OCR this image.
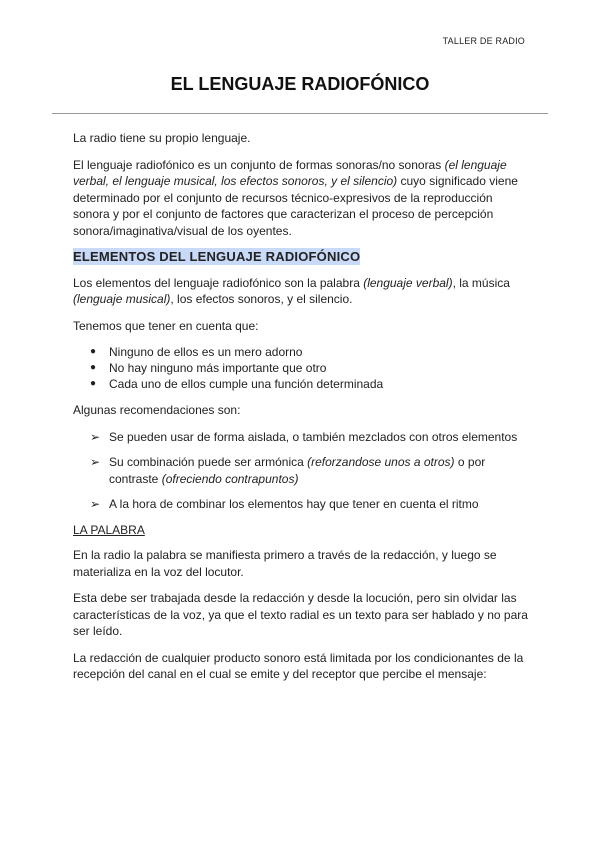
TALLER DE RADIO
EL LENGUAJE RADIOFÓNICO

La radio tiene su propio lenguaje.

El lenguaje radiofónico es un conjunto de formas sonoras/no sonoras (el lenguaje verbal, el lenguaje musical, los efectos sonoros, y el silencio) cuyo significado viene determinado por el conjunto de recursos técnico-expresivos de la reproducción sonora y por el conjunto de factores que caracterizan el proceso de percepción sonora/imaginativa/visual de los oyentes.

ELEMENTOS DEL LENGUAJE RADIOFÓNICO

Los elementos del lenguaje radiofónico son la palabra (lenguaje verbal), la música (lenguaje musical), los efectos sonoros, y el silencio.

Tenemos que tener en cuenta que:

● Ninguno de ellos es un mero adorno
● No hay ninguno más importante que otro
● Cada uno de ellos cumple una función determinada

Algunas recomendaciones son:

➢ Se pueden usar de forma aislada, o también mezclados con otros elementos
➢ Su combinación puede ser armónica (reforzandose unos a otros) o por contraste (ofreciendo contrapuntos)
➢ A la hora de combinar los elementos hay que tener en cuenta el ritmo

LA PALABRA

En la radio la palabra se manifiesta primero a través de la redacción, y luego se materializa en la voz del locutor.

Esta debe ser trabajada desde la redacción y desde la locución, pero sin olvidar las características de la voz, ya que el texto radial es un texto para ser hablado y no para ser leído.

La redacción de cualquier producto sonoro está limitada por los condicionantes de la recepción del canal en el cual se emite y del receptor que percibe el mensaje:
